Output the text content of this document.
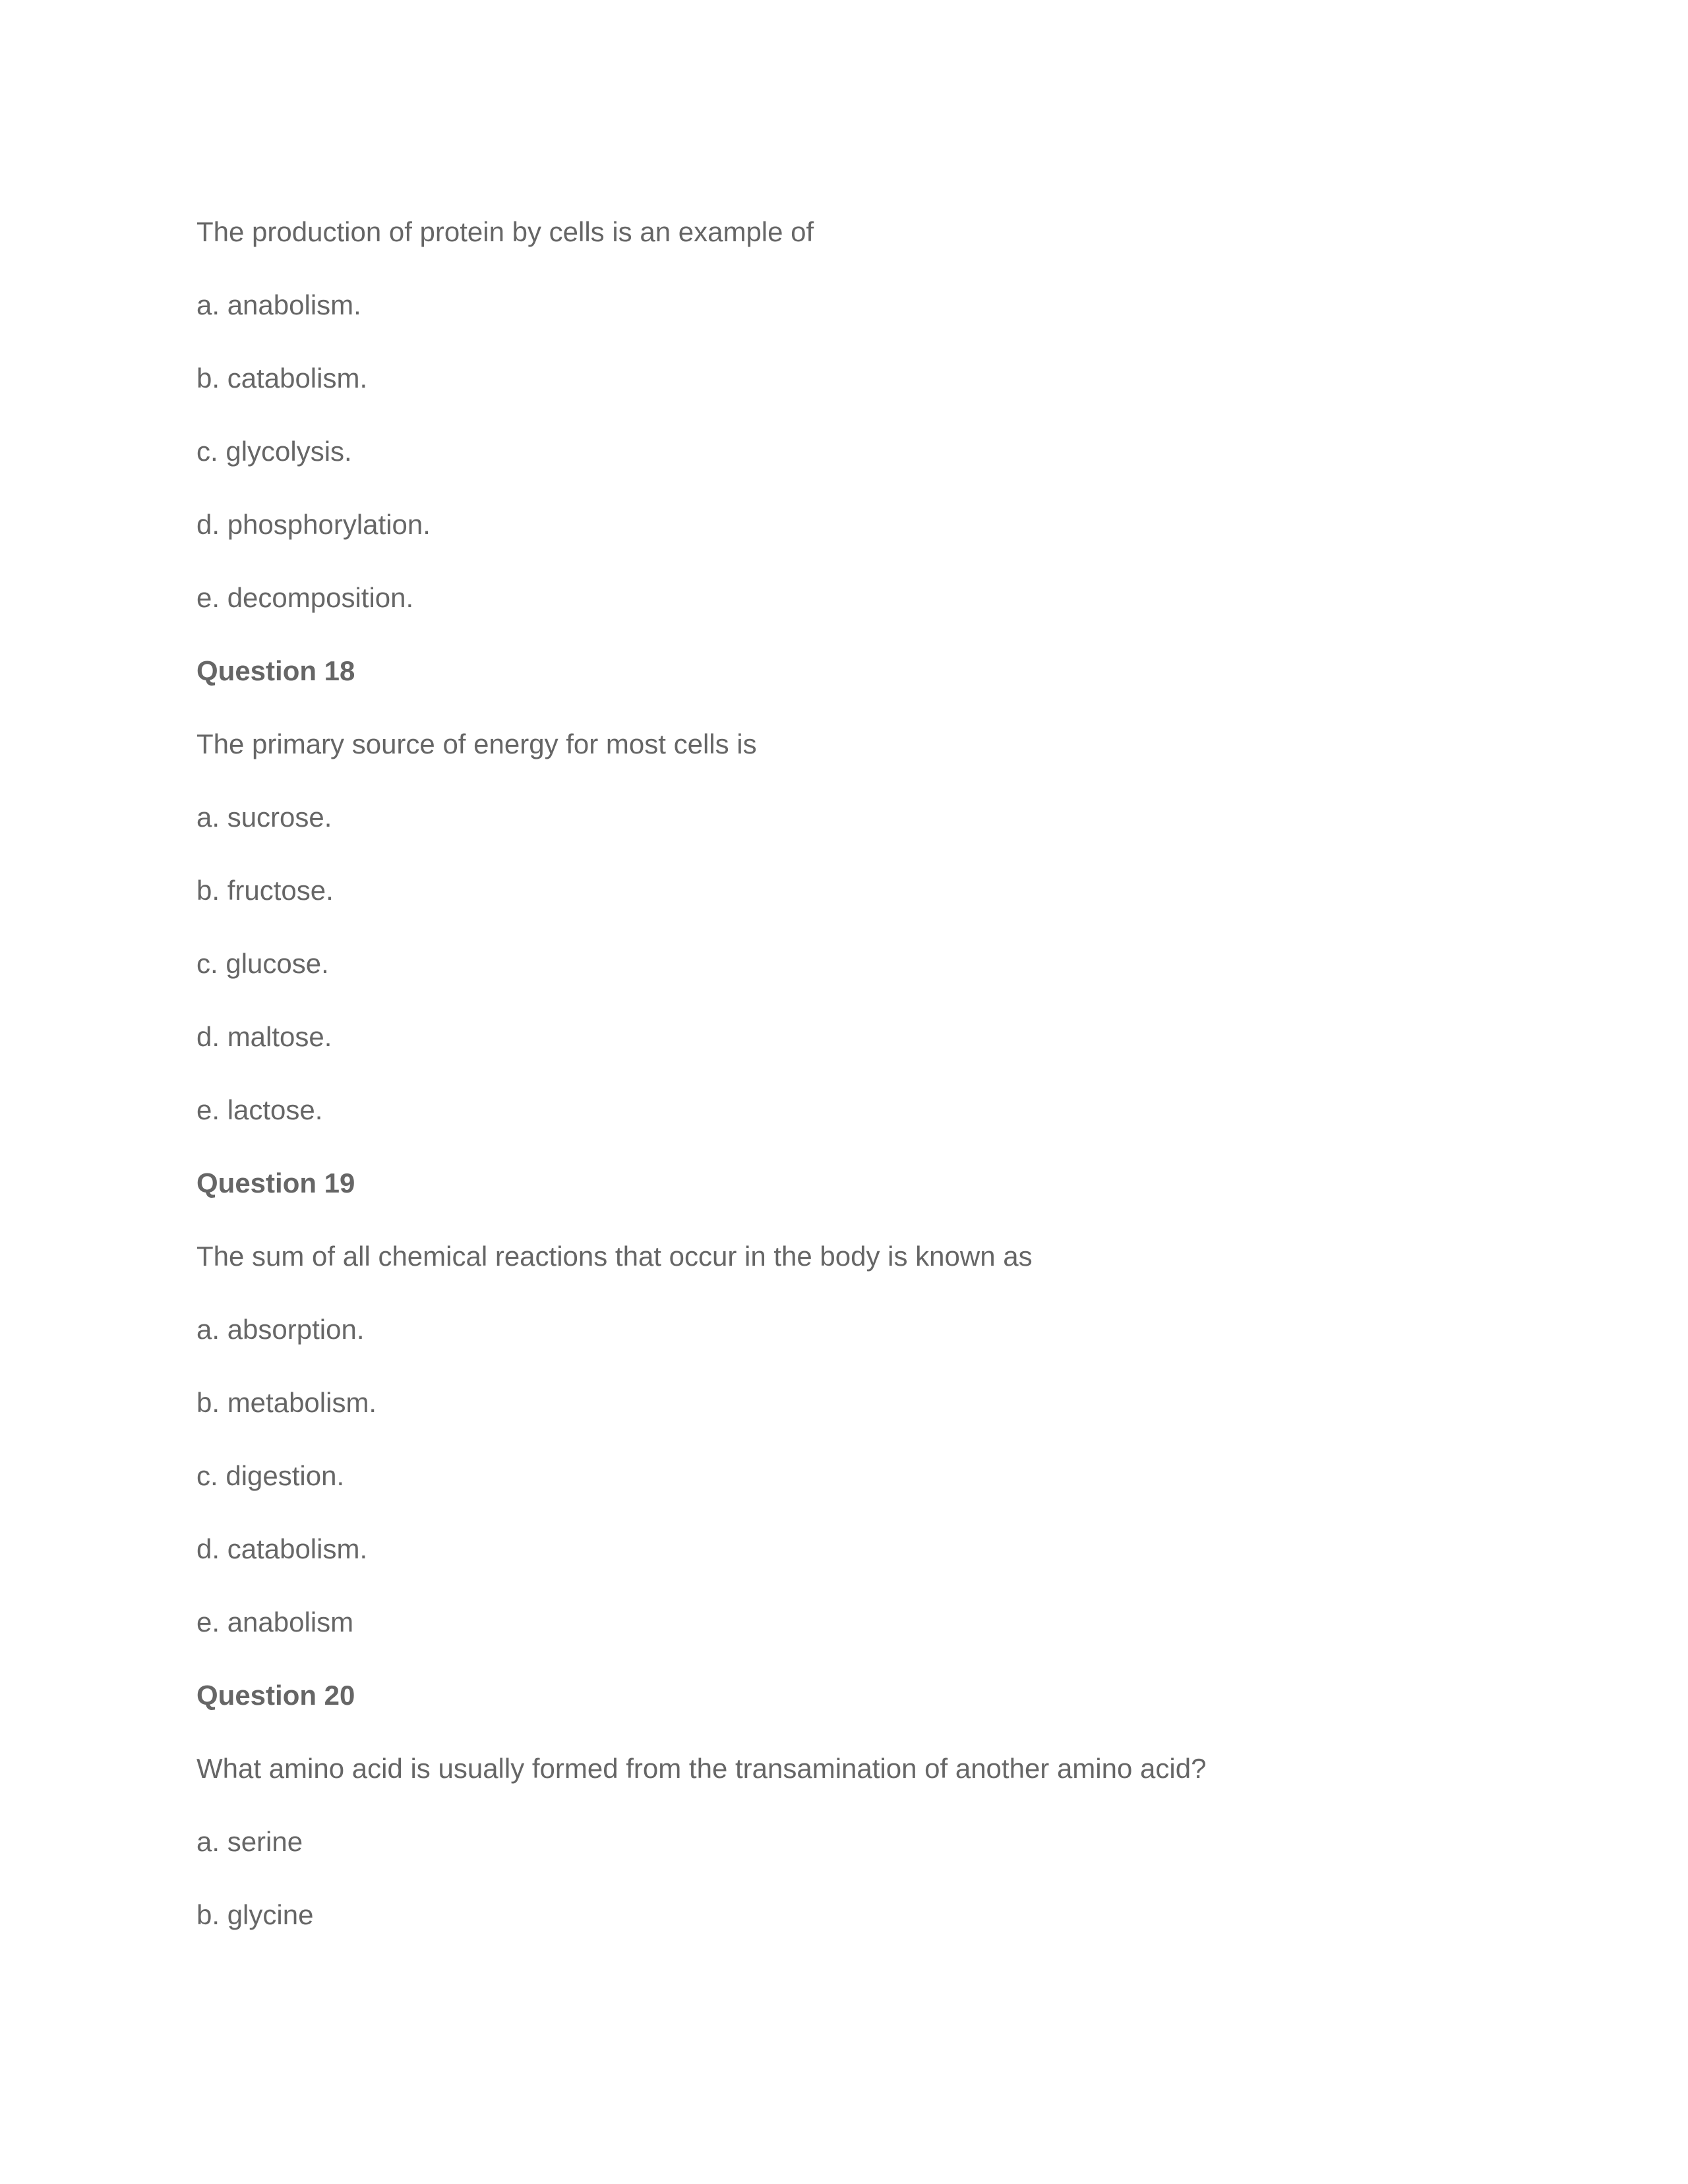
The production of protein by cells is an example of
a. anabolism.
b. catabolism.
c. glycolysis.
d. phosphorylation.
e. decomposition.
Question 18
The primary source of energy for most cells is
a. sucrose.
b. fructose.
c. glucose.
d. maltose.
e. lactose.
Question 19
The sum of all chemical reactions that occur in the body is known as
a. absorption.
b. metabolism.
c. digestion.
d. catabolism.
e. anabolism
Question 20
What amino acid is usually formed from the transamination of another amino acid?
a. serine
b. glycine
